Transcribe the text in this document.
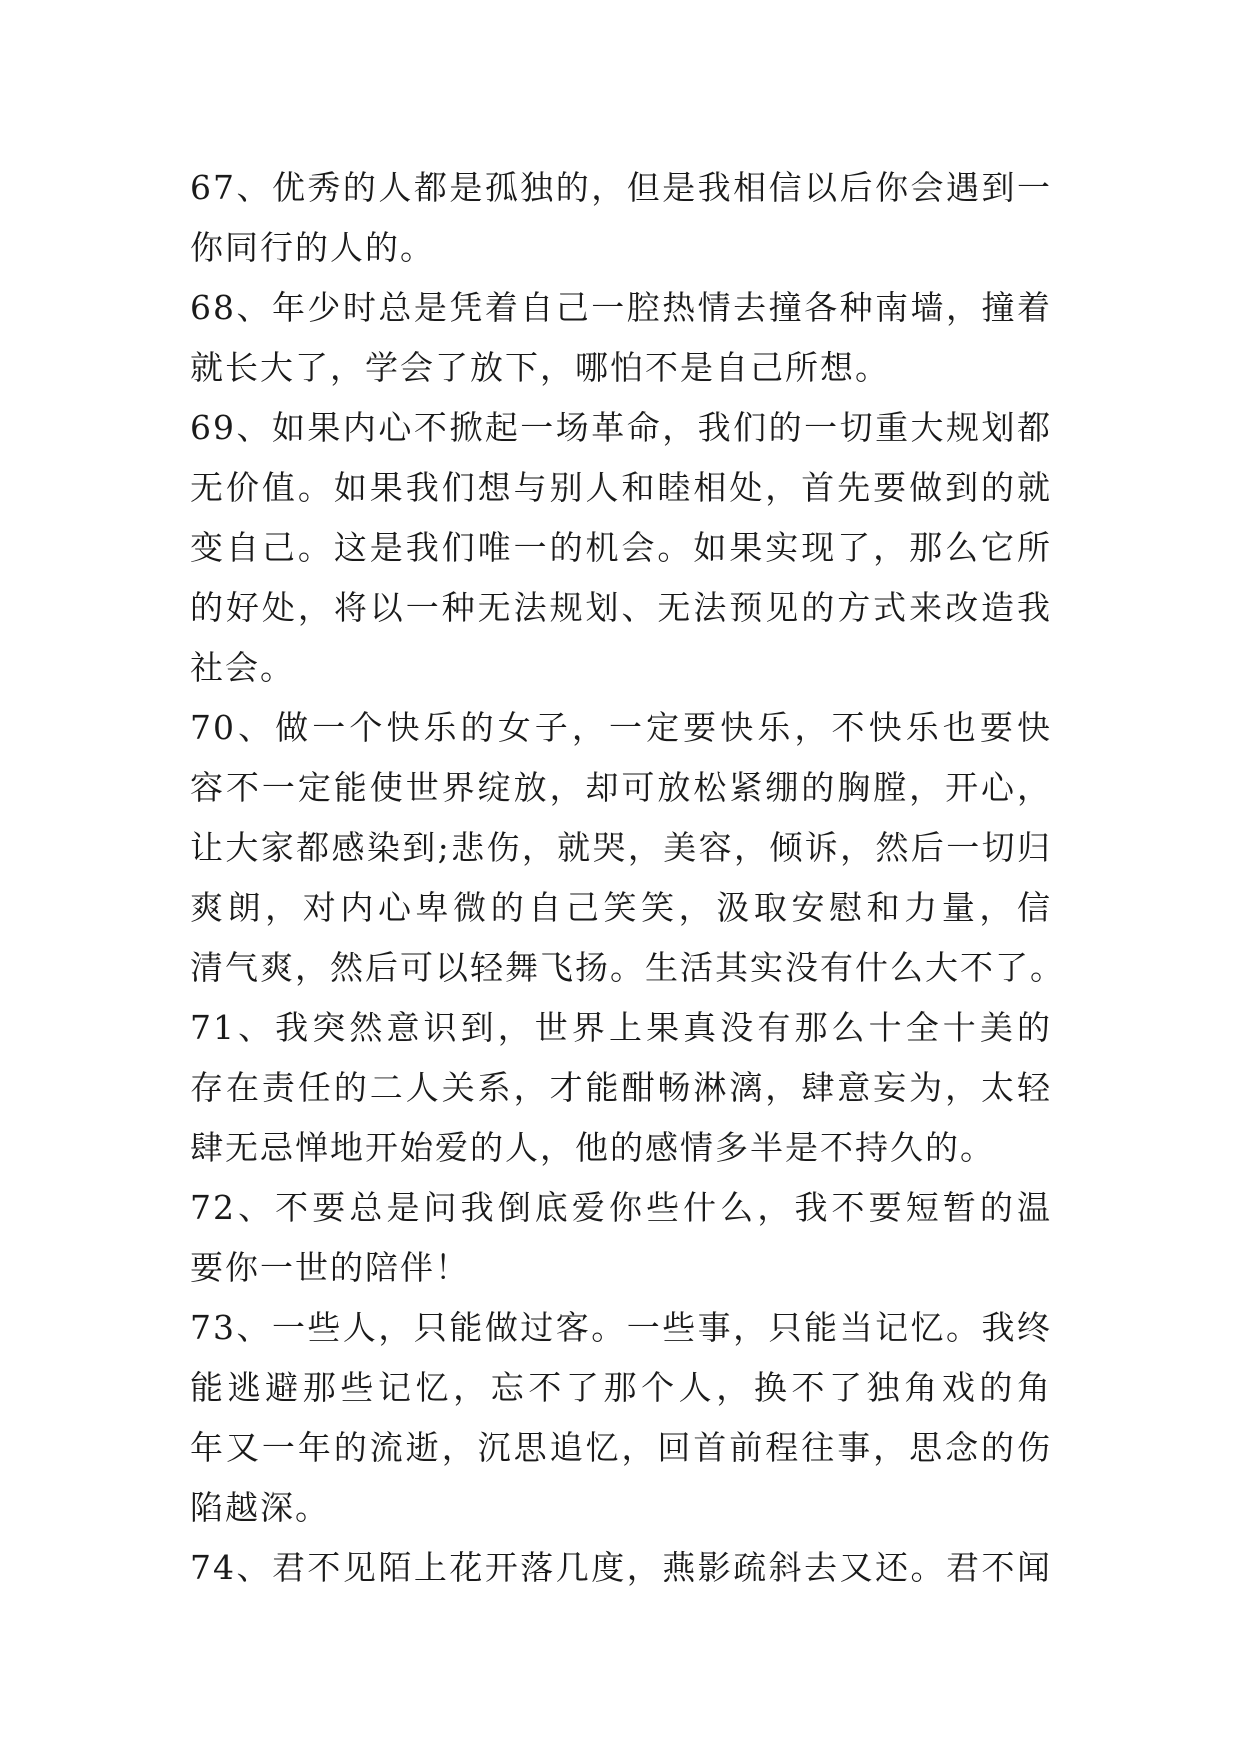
67、优秀的人都是孤独的，但是我相信以后你会遇到一
你同行的人的。
68、年少时总是凭着自己一腔热情去撞各种南墙，撞着
就长大了，学会了放下，哪怕不是自己所想。
69、如果内心不掀起一场革命，我们的一切重大规划都
无价值。如果我们想与别人和睦相处，首先要做到的就
变自己。这是我们唯一的机会。如果实现了，那么它所
的好处，将以一种无法规划、无法预见的方式来改造我
社会。
70、做一个快乐的女子，一定要快乐，不快乐也要快
容不一定能使世界绽放，却可放松紧绷的胸膛，开心，
让大家都感染到;悲伤，就哭，美容，倾诉，然后一切归
爽朗，对内心卑微的自己笑笑，汲取安慰和力量，信
清气爽，然后可以轻舞飞扬。生活其实没有什么大不了。
71、我突然意识到，世界上果真没有那么十全十美的
存在责任的二人关系，才能酣畅淋漓，肆意妄为，太轻
肆无忌惮地开始爱的人，他的感情多半是不持久的。
72、不要总是问我倒底爱你些什么，我不要短暂的温
要你一世的陪伴！
73、一些人，只能做过客。一些事，只能当记忆。我终
能逃避那些记忆，忘不了那个人，换不了独角戏的角
年又一年的流逝，沉思追忆，回首前程往事，思念的伤
陷越深。
74、君不见陌上花开落几度，燕影疏斜去又还。君不闻
